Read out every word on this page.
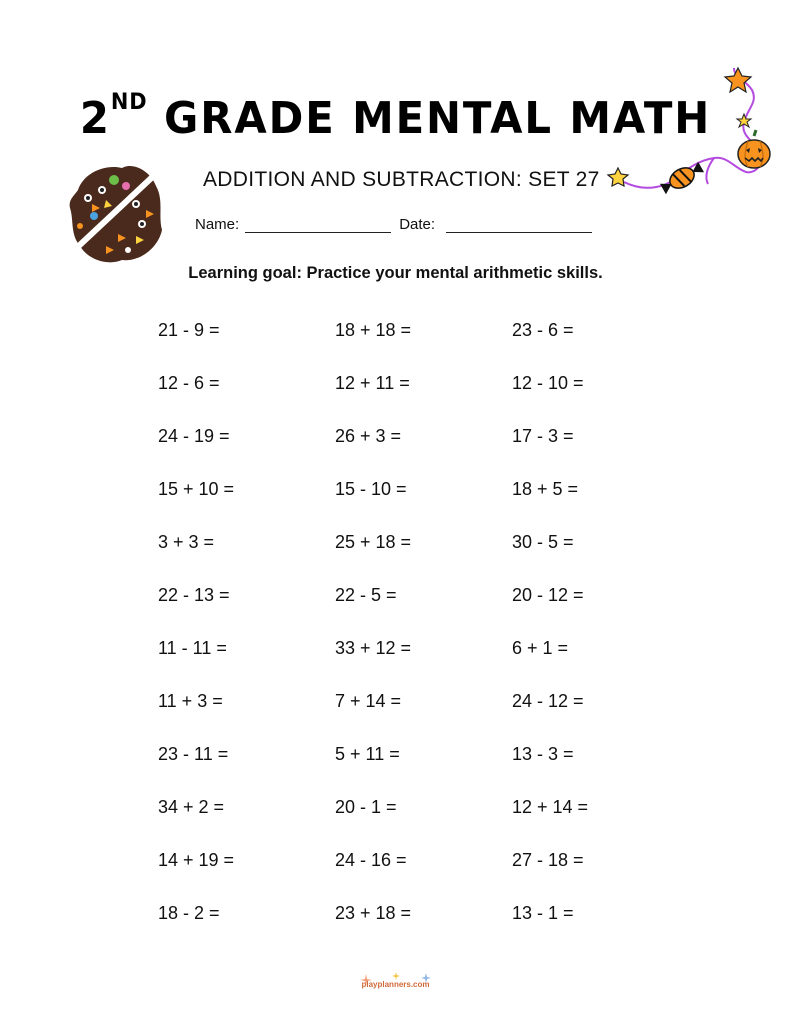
2ND GRADE MENTAL MATH
ADDITION AND SUBTRACTION: SET 27
Name:	Date:
Learning goal: Practice your mental arithmetic skills.
21 - 9 =	18 + 18 =	23 - 6 =
12 - 6 =	12 + 11 =	12 - 10 =
24 - 19 =	26 + 3 =	17 - 3 =
15 + 10 =	15 - 10 =	18 + 5 =
3 + 3 =	25 + 18 =	30 - 5 =
22 - 13 =	22 - 5 =	20 - 12 =
11 - 11 =	33 + 12 =	6 + 1 =
11 + 3 =	7 + 14 =	24 - 12 =
23 - 11 =	5 + 11 =	13 - 3 =
34 + 2 =	20 - 1 =	12 + 14 =
14 + 19 =	24 - 16 =	27 - 18 =
18 - 2 =	23 + 18 =	13 - 1 =
playplanners.com
